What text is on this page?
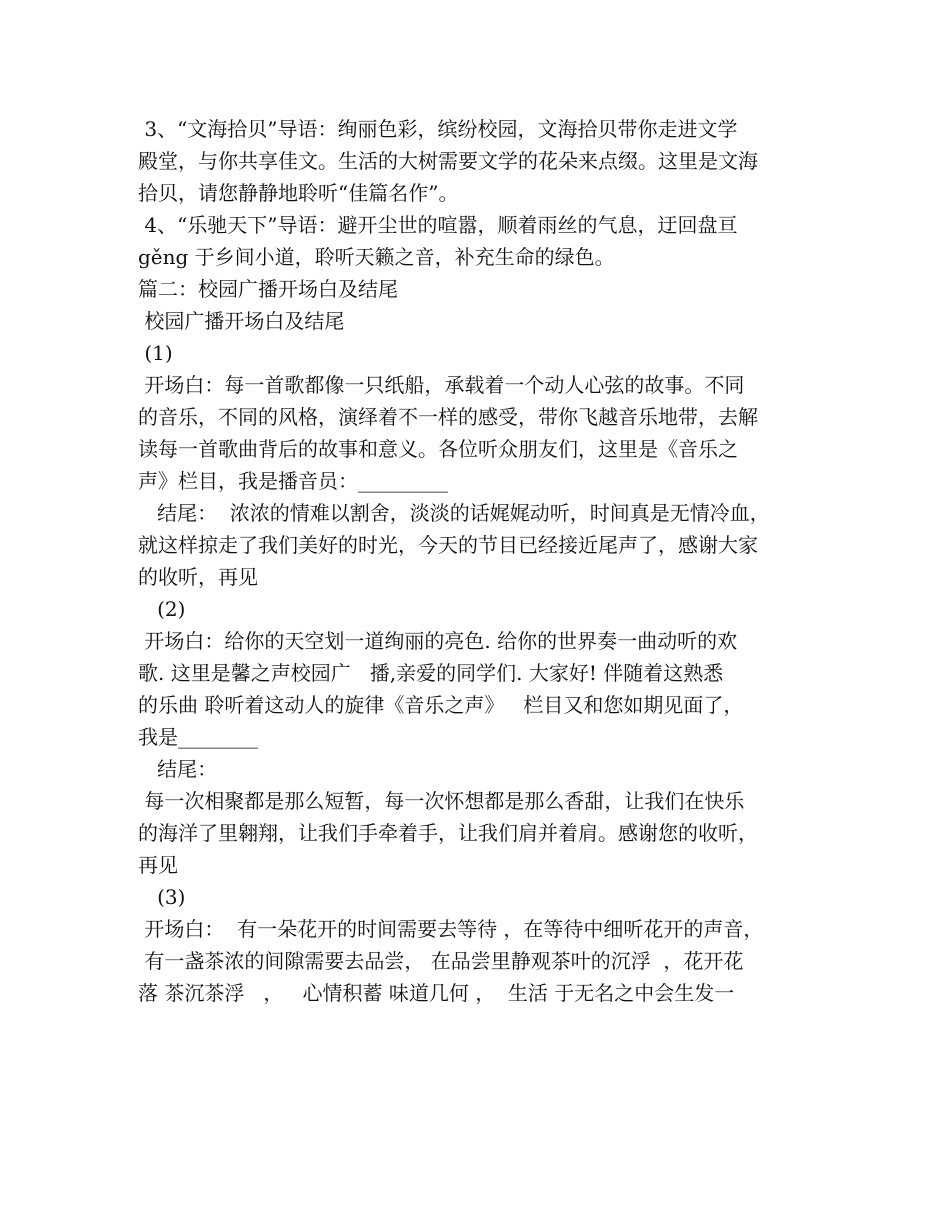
3、“文海拾贝”导语：绚丽色彩，缤纷校园，文海拾贝带你走进文学
殿堂，与你共享佳文。生活的大树需要文学的花朵来点缀。这里是文海
拾贝，请您静静地聆听“佳篇名作”。
4、“乐驰天下”导语：避开尘世的喧嚣，顺着雨丝的气息，迂回盘亘
gěng 于乡间小道，聆听天籁之音，补充生命的绿色。
篇二：校园广播开场白及结尾
校园广播开场白及结尾
(1)
开场白：每一首歌都像一只纸船，承载着一个动人心弦的故事。不同
的音乐，不同的风格，演绎着不一样的感受，带你飞越音乐地带，去解
读每一首歌曲背后的故事和意义。各位听众朋友们，这里是《音乐之
声》栏目，我是播音员：_________
结尾：  浓浓的情难以割舍，淡淡的话娓娓动听，时间真是无情冷血，
就这样掠走了我们美好的时光，今天的节目已经接近尾声了，感谢大家
的收听，再见
(2)
开场白：给你的天空划一道绚丽的亮色. 给你的世界奏一曲动听的欢
歌. 这里是馨之声校园广   播,亲爱的同学们. 大家好! 伴随着这熟悉
的乐曲 聆听着这动人的旋律《音乐之声》   栏目又和您如期见面了，
我是________
结尾：
每一次相聚都是那么短暂，每一次怀想都是那么香甜，让我们在快乐
的海洋了里翱翔，让我们手牵着手，让我们肩并着肩。感谢您的收听，
再见
(3)
开场白：  有一朵花开的时间需要去等待 ，在等待中细听花开的声音，
有一盏茶浓的间隙需要去品尝， 在品尝里静观茶叶的沉浮  ，花开花
落 茶沉茶浮   ，   心情积蓄 味道几何 ，  生活 于无名之中会生发一
